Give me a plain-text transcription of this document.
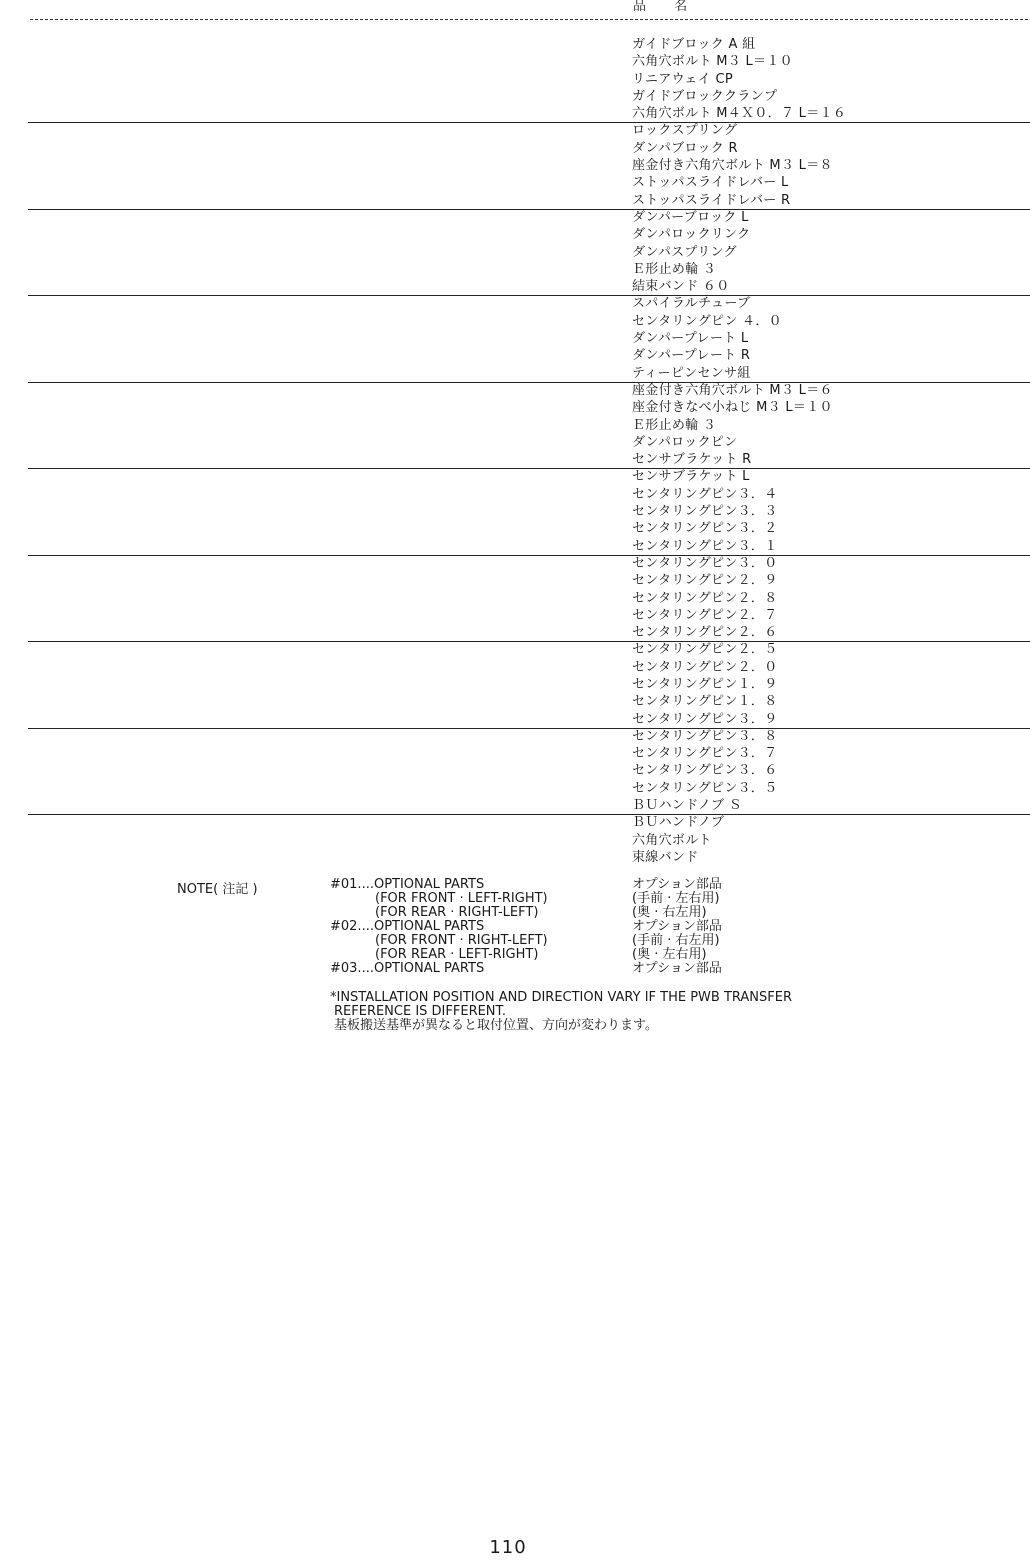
品 名
ガイドブロック A 組
六角穴ボルト M３ L＝１０
リニアウェイ CP
ガイドブロッククランプ
六角穴ボルト M４Ｘ０．７ L＝１６
ロックスプリング
ダンパブロック R
座金付き六角穴ボルト M３ L＝８
ストッパスライドレバー L
ストッパスライドレバー R
ダンパーブロック L
ダンパロックリンク
ダンパスプリング
Ｅ形止め輪 ３
結束バンド ６０
スパイラルチューブ
センタリングピン ４．０
ダンパープレート L
ダンパープレート R
ティーピンセンサ組
座金付き六角穴ボルト M３ L＝６
座金付きなべ小ねじ M３ L＝１０
Ｅ形止め輪 ３
ダンパロックピン
センサブラケット R
センサブラケット L
センタリングピン３．４
センタリングピン３．３
センタリングピン３．２
センタリングピン３．１
センタリングピン３．０
センタリングピン２．９
センタリングピン２．８
センタリングピン２．７
センタリングピン２．６
センタリングピン２．５
センタリングピン２．０
センタリングピン１．９
センタリングピン１．８
センタリングピン３．９
センタリングピン３．８
センタリングピン３．７
センタリングピン３．６
センタリングピン３．５
ＢＵハンドノブ Ｓ
ＢＵハンドノブ
六角穴ボルト
束線バンド
NOTE( 注記 )	#01....OPTIONAL PARTS	オプション部品
(FOR FRONT · LEFT-RIGHT)	(手前 · 左右用)
(FOR REAR · RIGHT-LEFT)	(奥 · 右左用)
#02....OPTIONAL PARTS	オプション部品
(FOR FRONT · RIGHT-LEFT)	(手前 · 右左用)
(FOR REAR · LEFT-RIGHT)	(奥 · 左右用)
#03....OPTIONAL PARTS	オプション部品
*INSTALLATION POSITION AND DIRECTION VARY IF THE PWB TRANSFER
REFERENCE IS DIFFERENT.
基板搬送基準が異なると取付位置、方向が変わります。
110
